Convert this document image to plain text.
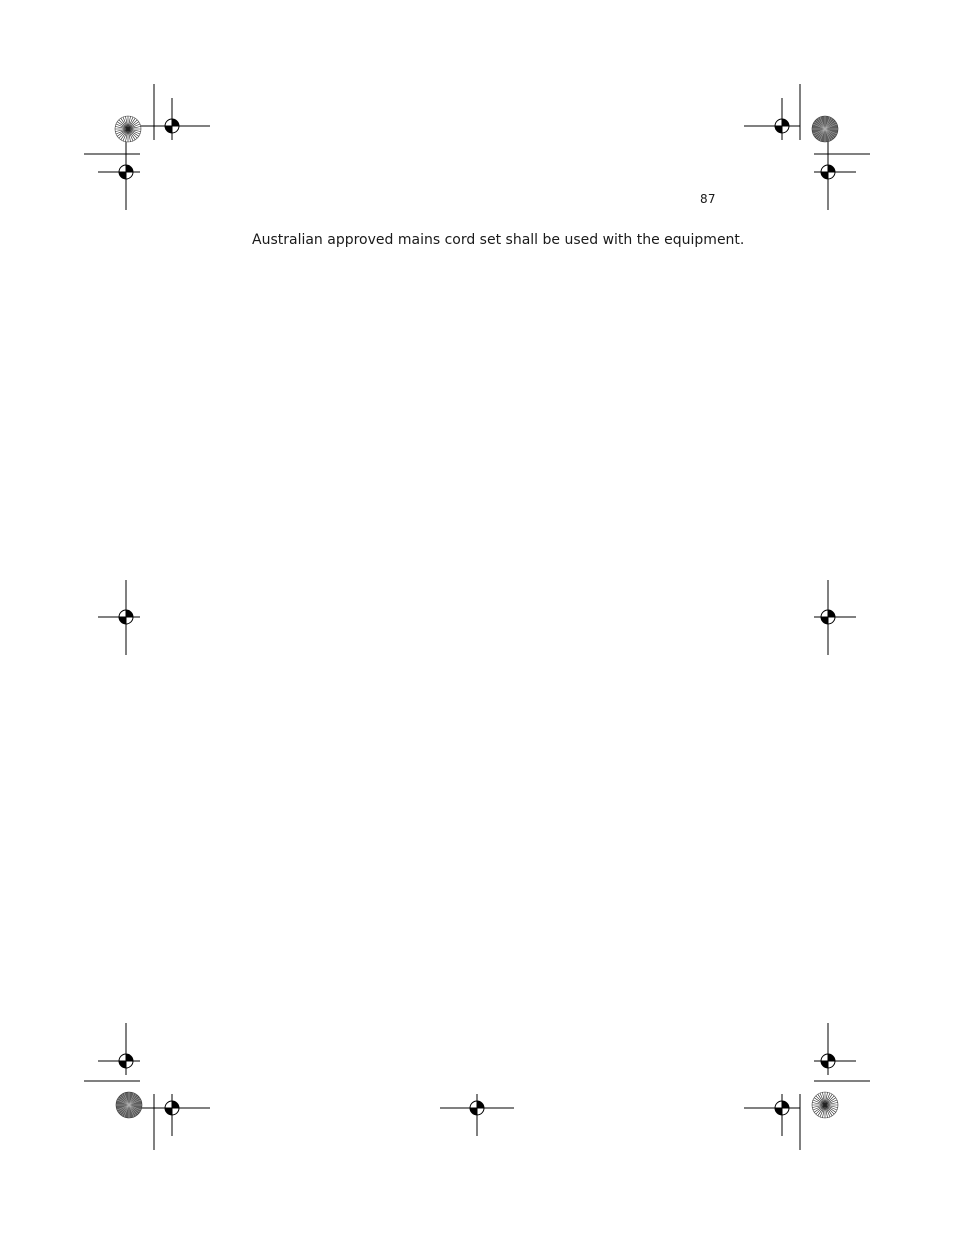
87
Australian approved mains cord set shall be used with the equipment.
